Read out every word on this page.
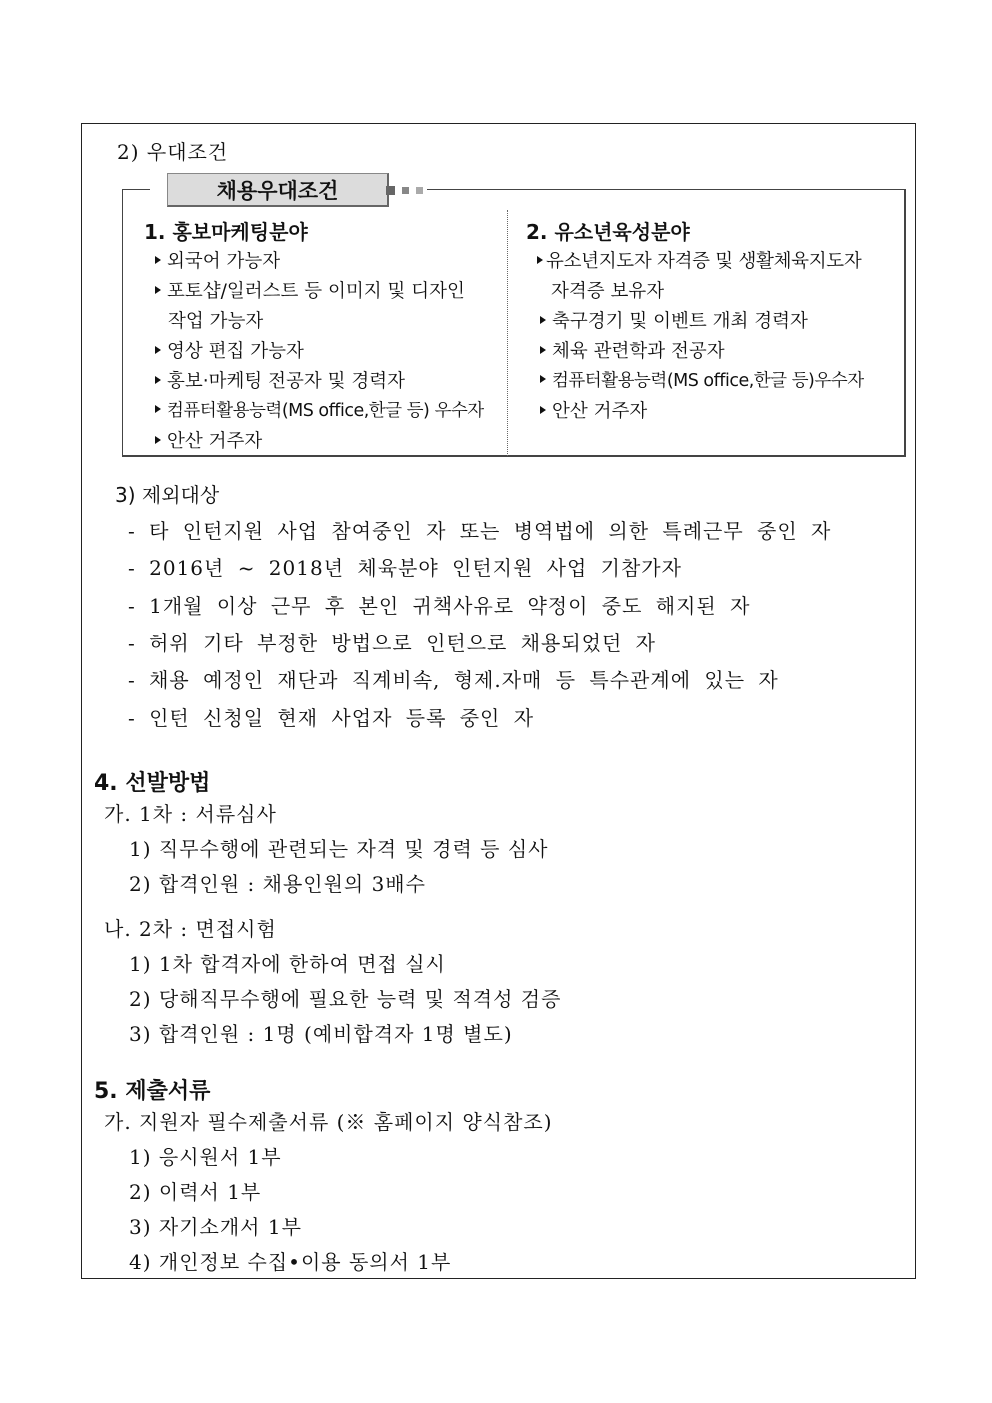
2) 우대조건
채용우대조건
1. 홍보마케팅분야
외국어 가능자
포토샵/일러스트 등 이미지 및 디자인
작업 가능자
영상 편집 가능자
홍보·마케팅 전공자 및 경력자
컴퓨터활용능력(MS office,한글 등) 우수자
안산 거주자
2. 유소년육성분야
유소년지도자 자격증 및 생활체육지도자
자격증 보유자
축구경기 및 이벤트 개최 경력자
체육 관련학과 전공자
컴퓨터활용능력(MS office,한글 등)우수자
안산 거주자
3) 제외대상
- 타 인턴지원 사업 참여중인 자 또는 병역법에 의한 특례근무 중인 자
- 2016년 ~ 2018년 체육분야 인턴지원 사업 기참가자
- 1개월 이상 근무 후 본인 귀책사유로 약정이 중도 해지된 자
- 허위 기타 부정한 방법으로 인턴으로 채용되었던 자
- 채용 예정인 재단과 직계비속, 형제.자매 등 특수관계에 있는 자
- 인턴 신청일 현재 사업자 등록 중인 자
4. 선발방법
가. 1차 : 서류심사
1) 직무수행에 관련되는 자격 및 경력 등 심사
2) 합격인원 : 채용인원의 3배수
나. 2차 : 면접시험
1) 1차 합격자에 한하여 면접 실시
2) 당해직무수행에 필요한 능력 및 적격성 검증
3) 합격인원 : 1명 (예비합격자 1명 별도)
5. 제출서류
가. 지원자 필수제출서류 (※ 홈페이지 양식참조)
1) 응시원서 1부
2) 이력서 1부
3) 자기소개서 1부
4) 개인정보 수집•이용 동의서 1부
